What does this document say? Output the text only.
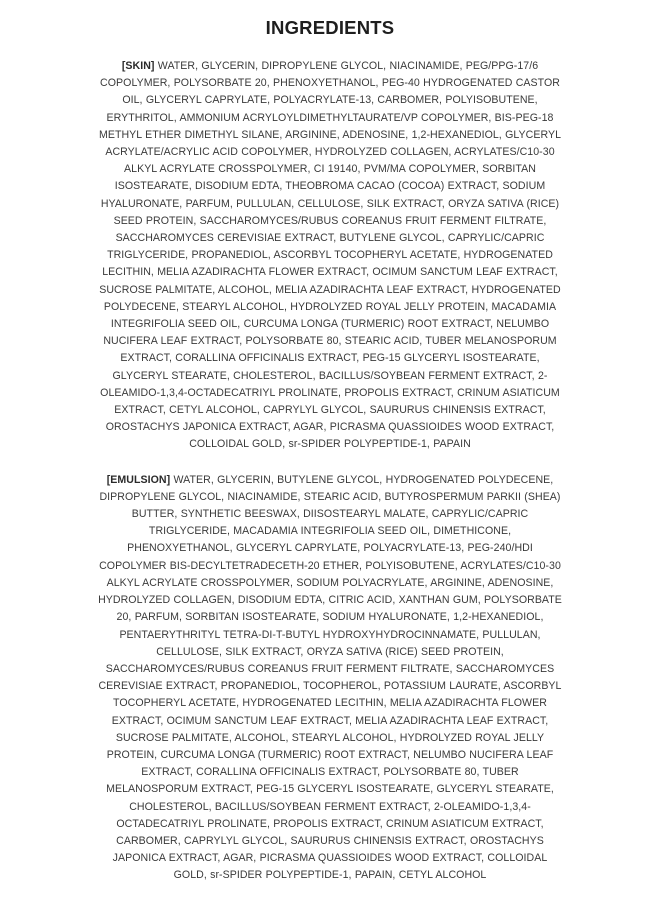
INGREDIENTS

[SKIN] WATER, GLYCERIN, DIPROPYLENE GLYCOL, NIACINAMIDE, PEG/PPG-17/6 COPOLYMER, POLYSORBATE 20, PHENOXYETHANOL, PEG-40 HYDROGENATED CASTOR OIL, GLYCERYL CAPRYLATE, POLYACRYLATE-13, CARBOMER, POLYISOBUTENE, ERYTHRITOL, AMMONIUM ACRYLOYLDIMETHYLTAURATE/VP COPOLYMER, BIS-PEG-18 METHYL ETHER DIMETHYL SILANE, ARGININE, ADENOSINE, 1,2-HEXANEDIOL, GLYCERYL ACRYLATE/ACRYLIC ACID COPOLYMER, HYDROLYZED COLLAGEN, ACRYLATES/C10-30 ALKYL ACRYLATE CROSSPOLYMER, CI 19140, PVM/MA COPOLYMER, SORBITAN ISOSTEARATE, DISODIUM EDTA, THEOBROMA CACAO (COCOA) EXTRACT, SODIUM HYALURONATE, PARFUM, PULLULAN, CELLULOSE, SILK EXTRACT, ORYZA SATIVA (RICE) SEED PROTEIN, SACCHAROMYCES/RUBUS COREANUS FRUIT FERMENT FILTRATE, SACCHAROMYCES CEREVISIAE EXTRACT, BUTYLENE GLYCOL, CAPRYLIC/CAPRIC TRIGLYCERIDE, PROPANEDIOL, ASCORBYL TOCOPHERYL ACETATE, HYDROGENATED LECITHIN, MELIA AZADIRACHTA FLOWER EXTRACT, OCIMUM SANCTUM LEAF EXTRACT, SUCROSE PALMITATE, ALCOHOL, MELIA AZADIRACHTA LEAF EXTRACT, HYDROGENATED POLYDECENE, STEARYL ALCOHOL, HYDROLYZED ROYAL JELLY PROTEIN, MACADAMIA INTEGRIFOLIA SEED OIL, CURCUMA LONGA (TURMERIC) ROOT EXTRACT, NELUMBO NUCIFERA LEAF EXTRACT, POLYSORBATE 80, STEARIC ACID, TUBER MELANOSPORUM EXTRACT, CORALLINA OFFICINALIS EXTRACT, PEG-15 GLYCERYL ISOSTEARATE, GLYCERYL STEARATE, CHOLESTEROL, BACILLUS/SOYBEAN FERMENT EXTRACT, 2-OLEAMIDO-1,3,4-OCTADECATRIYL PROLINATE, PROPOLIS EXTRACT, CRINUM ASIATICUM EXTRACT, CETYL ALCOHOL, CAPRYLYL GLYCOL, SAURURUS CHINENSIS EXTRACT, OROSTACHYS JAPONICA EXTRACT, AGAR, PICRASMA QUASSIOIDES WOOD EXTRACT, COLLOIDAL GOLD, sr-SPIDER POLYPEPTIDE-1, PAPAIN

[EMULSION] WATER, GLYCERIN, BUTYLENE GLYCOL, HYDROGENATED POLYDECENE, DIPROPYLENE GLYCOL, NIACINAMIDE, STEARIC ACID, BUTYROSPERMUM PARKII (SHEA) BUTTER, SYNTHETIC BEESWAX, DIISOSTEARYL MALATE, CAPRYLIC/CAPRIC TRIGLYCERIDE, MACADAMIA INTEGRIFOLIA SEED OIL, DIMETHICONE, PHENOXYETHANOL, GLYCERYL CAPRYLATE, POLYACRYLATE-13, PEG-240/HDI COPOLYMER BIS-DECYLTETRADECETH-20 ETHER, POLYISOBUTENE, ACRYLATES/C10-30 ALKYL ACRYLATE CROSSPOLYMER, SODIUM POLYACRYLATE, ARGININE, ADENOSINE, HYDROLYZED COLLAGEN, DISODIUM EDTA, CITRIC ACID, XANTHAN GUM, POLYSORBATE 20, PARFUM, SORBITAN ISOSTEARATE, SODIUM HYALURONATE, 1,2-HEXANEDIOL, PENTAERYTHRITYL TETRA-DI-T-BUTYL HYDROXYHYDROCINNAMATE, PULLULAN, CELLULOSE, SILK EXTRACT, ORYZA SATIVA (RICE) SEED PROTEIN, SACCHAROMYCES/RUBUS COREANUS FRUIT FERMENT FILTRATE, SACCHAROMYCES CEREVISIAE EXTRACT, PROPANEDIOL, TOCOPHEROL, POTASSIUM LAURATE, ASCORBYL TOCOPHERYL ACETATE, HYDROGENATED LECITHIN, MELIA AZADIRACHTA FLOWER EXTRACT, OCIMUM SANCTUM LEAF EXTRACT, MELIA AZADIRACHTA LEAF EXTRACT, SUCROSE PALMITATE, ALCOHOL, STEARYL ALCOHOL, HYDROLYZED ROYAL JELLY PROTEIN, CURCUMA LONGA (TURMERIC) ROOT EXTRACT, NELUMBO NUCIFERA LEAF EXTRACT, CORALLINA OFFICINALIS EXTRACT, POLYSORBATE 80, TUBER MELANOSPORUM EXTRACT, PEG-15 GLYCERYL ISOSTEARATE, GLYCERYL STEARATE, CHOLESTEROL, BACILLUS/SOYBEAN FERMENT EXTRACT, 2-OLEAMIDO-1,3,4-OCTADECATRIYL PROLINATE, PROPOLIS EXTRACT, CRINUM ASIATICUM EXTRACT, CARBOMER, CAPRYLYL GLYCOL, SAURURUS CHINENSIS EXTRACT, OROSTACHYS JAPONICA EXTRACT, AGAR, PICRASMA QUASSIOIDES WOOD EXTRACT, COLLOIDAL GOLD, sr-SPIDER POLYPEPTIDE-1, PAPAIN, CETYL ALCOHOL
